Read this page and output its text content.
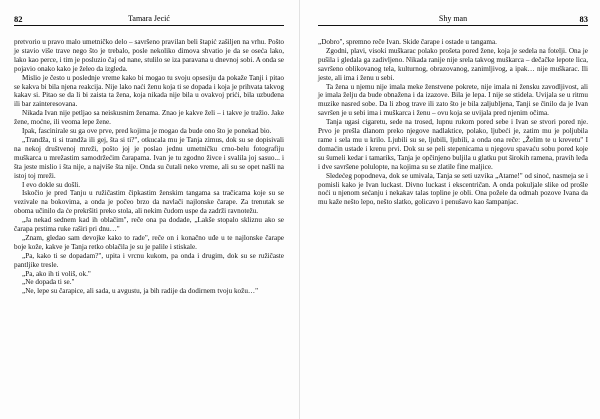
82	Tamara Jecić

pretvorio u pravo malo umetničko delo – savršeno pravilan beli štapić zašiljen na vrhu. Pošto je stavio više trave nego što je trebalo, posle nekoliko dimova shvatio je da se oseća lako, lako kao perce, i tim je posluzio čaj od nane, stulilo se iza paravana u dnevnoj sobi. A onda se pojavio onako kako je želeo da izgleda.

Mislio je često u poslednje vreme kako bi mogao tu svoju opsesiju da pokaže Tanji i pitao se kakva bi bila njena reakcija. Nije lako naći ženu koja ti se dopada i koja je prihvata takvog kakav si. Pitao se da li bi zaista ta žena, koja nikada nije bila u ovakvoj prići, bila uzbuđena ili bar zainteresovana.

Nikada Ivan nije petljao sa neiskusnim ženama. Znao je kakve želi – i takve je tražio. Jake žene, moćne, ili veoma lepe žene.

Ipak, fascinirale su ga ove prve, pred kojima je mogao da bude ono što je ponekad bio.

„Trandža, ti si trandža ili gej, šta si ti?", otkucala mu je Tanja zimus, dok su se dopisivali na nekoj društvenoj mreži, pošto joj je poslao jednu umetničku crno-belu fotografiju muškarca u mrežastim samodržećim čarapama. Ivan je tu zgodno živce i svalila joj sasuo... i šta jeste mislio i šta nije, a najviše šta nije. Onda su čutali neko vreme, ali su se opet našli na istoj toj mreži.

I evo dokle su došli.

Iskočio je pred Tanju u ružičastim čipkastim ženskim tangama sa tračicama koje su se vezivale na bokovima, a onda je počeo brzo da navlači najlonske čarape. Za trenutak se oboma učinilo da će prekršiti preko stola, ali nekim čudom uspe da zadrži ravnotežu.

„Ja nekad sednem kad ih oblačim", reče ona pa dodade, „Lakše stopalo skliznu ako se čarapa prstima ruke raširi pri dnu…"

„Znam, gledao sam devojke kako to rade", reče on i konačno uđe u te najlonske čarape boje kože, kakve je Tanja retko oblačila je su je palile i stiskale.

„Pa, kako ti se dopadam?", upita i vrcnu kukom, pa onda i drugim, dok su se ružičaste pantljike tresle.

„Pa, ako ih ti voliš, ok."

„Ne dopada ti se."

„Ne, lepe su čarapice, ali sada, u avgustu, ja bih radije da dodirnem tvoju kožu…"

Shy man	83

„Dobro", spremno reče Ivan. Skide čarape i ostade u tangama.

Zgodni, plavi, visoki muškarac polako prošeta pored žene, koja je sedela na fotelji. Ona je pušila i gledala ga zadivljeno. Nikada ranije nije srela takvog muškarca – dečačke lepote lica, savršeno oblikovanog tela, kulturnog, obrazovanog, zanimljivog, a ipak… nije muškarac. Ili jeste, ali ima i ženu u sebi.

Ta žena u njemu nije imala meke ženstvene pokrete, nije imala ni žensku zavodljivost, ali je imala želju da bude obnažena i da izazove. Bila je lepa. I nije se stidela. Uvijala se u ritmu muzike nasred sobe. Da li zbog trave ili zato što je bila zaljubljena, Tanji se činilo da je Ivan savršen je u sebi ima i muškarca i ženu – ovu koja se uvijala pred njenim očima.

Tanja ugasi cigaretu, sede na trosed, lupnu rukom pored sebe i Ivan se stvori pored nje. Prvo je prešla dlanom preko njegove nadlaktice, polako, ljubeći je, zatim mu je poljubila rame i sela mu u krilo. Ljubili su se, ljubili, ljubili, a onda ona reče: „Želim te u krevetu" I domaćin ustade i krenu prvi. Dok su se peli stepenicama u njegovu spavaću sobu pored koje su šumeli kedar i tamariks, Tanja je opčinjeno buljila u glatku put širokih ramena, pravih leđa i dve savršene polulopte, na kojima su se zlatile fine maljice.

Sledećeg popodneva, dok se umivala, Tanja se seti uzvika „Atame!" od sinoć, nasmeja se i pomisli kako je Ivan luckast. Divno luckast i ekscentričan. A onda pokuljale slike od prošle noći u njenom sećanju i nekakav talas topline je obli. Ona požele da odmah pozove Ivana da mu kaže nešto lepo, nešto slatko, golicavo i penušavo kao šampanjac.
